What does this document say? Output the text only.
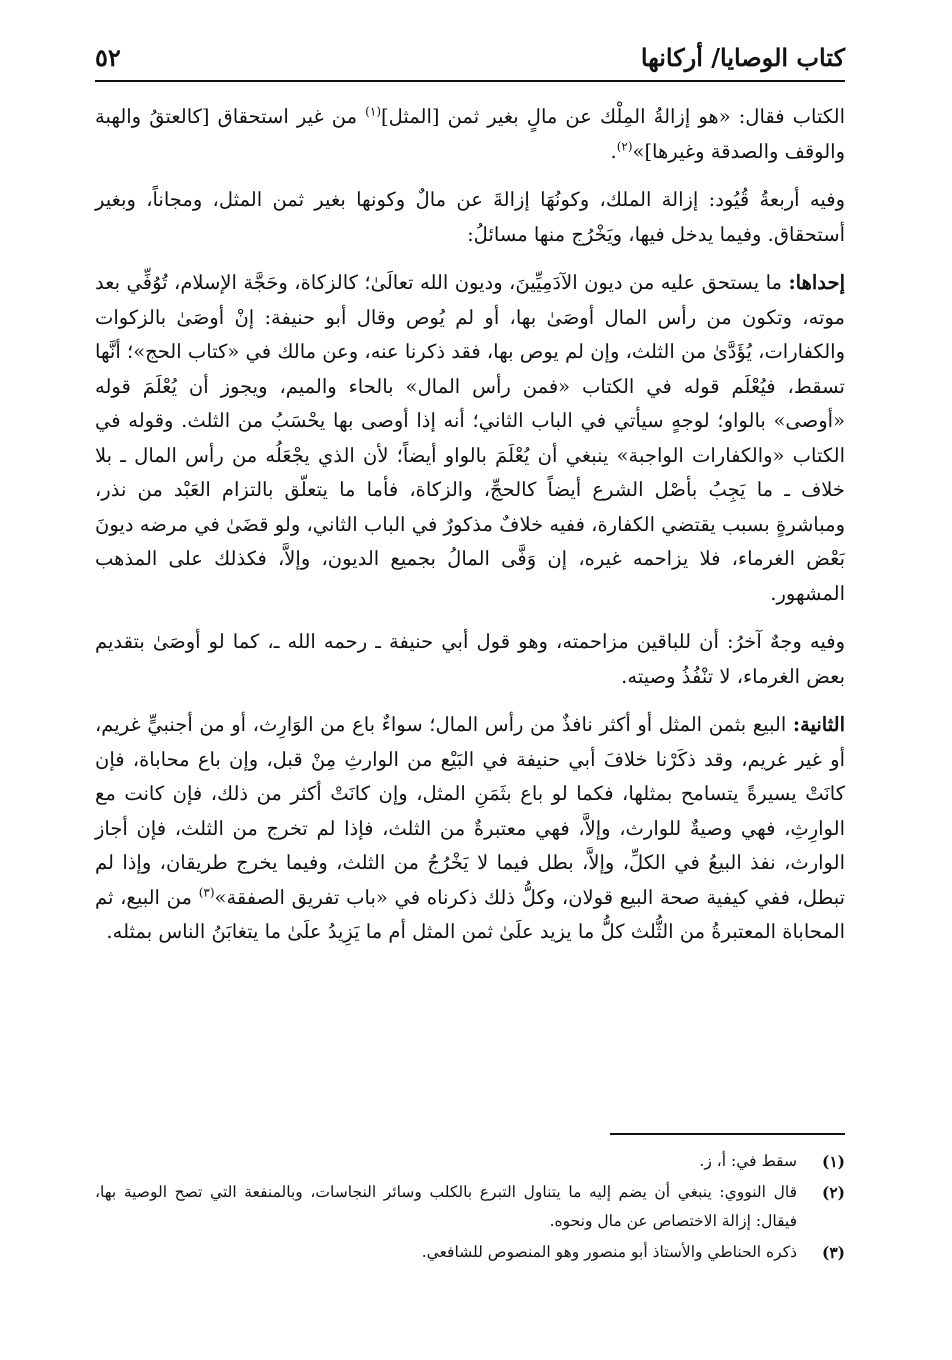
كتاب الوصايا/ أركانها
٥٢

الكتاب فقال: «هو إزالةُ المِلْك عن مالٍ بغير ثمن [المثل]$^{(١)}$ من غير استحقاق [كالعتقُ والهبة والوقف والصدقة وغيرها]»$^{(٢)}$.

وفيه أربعةُ قُيُود: إزالة الملك، وكونُهَا إزالةَ عن مالٌ وكونها بغير ثمن المثل، ومجاناً، وبغير أستحقاق. وفيما يدخل فيها، ويَخْرُج منها مسائلُ:

إحداها: ما يستحق عليه من ديون الآدَمِيِّينَ، وديون الله تعالَىٰ؛ كالزكاة، وحَجَّة الإسلام، تُوُفِّي بعد موته، وتكون من رأس المال أوصَىٰ بها، أو لم يُوص وقال أبو حنيفة: إنْ أوصَىٰ بالزكوات والكفارات، يُؤَدَّىٰ من الثلث، وإن لم يوص بها، فقد ذكرنا عنه، وعن مالك في «كتاب الحج»؛ أنَّها تسقط، فيُعْلَم قوله في الكتاب «فمن رأس المال» بالحاء والميم، ويجوز أن يُعْلَمَ قوله «أوصى» بالواو؛ لوجهٍ سيأتي في الباب الثاني؛ أنه إذا أوصى بها يحْسَبُ من الثلث. وقوله في الكتاب «والكفارات الواجبة» ينبغي أن يُعْلَمَ بالواو أيضاً؛ لأن الذي يجْعَلُه من رأس المال ـ بلا خلاف ـ ما يَجِبُ بأصْل الشرع أيضاً كالحجِّ، والزكاة، فأما ما يتعلّق بالتزام العَبْد من نذر، ومباشرةٍ بسبب يقتضي الكفارة، ففيه خلافٌ مذكورٌ في الباب الثاني، ولو قضَىٰ في مرضه ديونَ بَعْض الغرماء، فلا يزاحمه غيره، إن وَفَّى المالُ بجميع الديون، وإلاَّ، فكذلك على المذهب المشهور.

وفيه وجهٌ آخرُ: أن للباقين مزاحمته، وهو قول أبي حنيفة ـ رحمه الله ـ، كما لو أوصَىٰ بتقديم بعض الغرماء، لا تنْفُذُ وصيته.

الثانية: البيع بثمن المثل أو أكثر نافذٌ من رأس المال؛ سواءٌ باع من الوَارِث، أو من أجنبيٍّ غريم، أو غير غريم، وقد ذكَرْنا خلافَ أبي حنيفة في البَيْع من الوارثِ مِنْ قبل، وإن باع محاباة، فإن كانَتْ يسيرةً يتسامح بمثلها، فكما لو باع بثَمَنِ المثل، وإن كانَتْ أكثر من ذلك، فإن كانت مع الوارِثِ، فهي وصيةٌ للوارث، وإلاَّ، فهي معتبرةٌ من الثلث، فإذا لم تخرج من الثلث، فإن أجاز الوارث، نفذ البيعُ في الكلِّ، وإلاَّ، بطل فيما لا يَخْرُجُ من الثلث، وفيما يخرج طريقان، وإذا لم تبطل، ففي كيفية صحة البيع قولان، وكلُّ ذلك ذكرناه في «باب تفريق الصفقة»$^{(٣)}$ من البيع، ثم المحاباة المعتبرةُ من الثُّلث كلُّ ما يزيد علَىٰ ثمن المثل أم ما يَزِيدُ علَىٰ ما يتغابَنُ الناس بمثله.

(١)
سقط في: أ، ز.
(٢)
قال النووي: ينبغي أن يضم إليه ما يتناول التبرع بالكلب وسائر النجاسات، وبالمنفعة التي تصح الوصية بها، فيقال: إزالة الاختصاص عن مال ونحوه.
(٣)
ذكره الحناطي والأستاذ أبو منصور وهو المنصوص للشافعي.
